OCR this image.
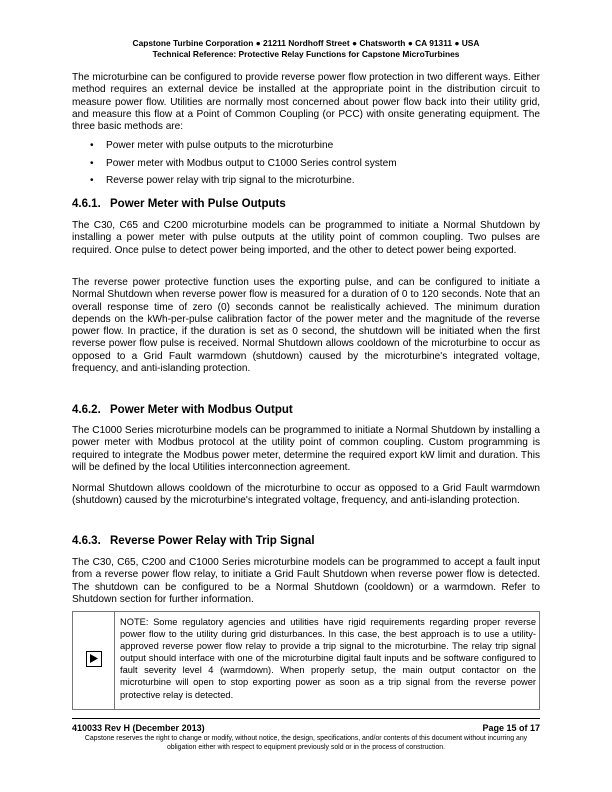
Capstone Turbine Corporation ● 21211 Nordhoff Street ● Chatsworth ● CA 91311 ● USA
Technical Reference: Protective Relay Functions for Capstone MicroTurbines
The microturbine can be configured to provide reverse power flow protection in two different ways. Either method requires an external device be installed at the appropriate point in the distribution circuit to measure power flow. Utilities are normally most concerned about power flow back into their utility grid, and measure this flow at a Point of Common Coupling (or PCC) with onsite generating equipment. The three basic methods are:
• Power meter with pulse outputs to the microturbine
• Power meter with Modbus output to C1000 Series control system
• Reverse power relay with trip signal to the microturbine.
4.6.1. Power Meter with Pulse Outputs
The C30, C65 and C200 microturbine models can be programmed to initiate a Normal Shutdown by installing a power meter with pulse outputs at the utility point of common coupling. Two pulses are required. Once pulse to detect power being imported, and the other to detect power being exported.
The reverse power protective function uses the exporting pulse, and can be configured to initiate a Normal Shutdown when reverse power flow is measured for a duration of 0 to 120 seconds. Note that an overall response time of zero (0) seconds cannot be realistically achieved. The minimum duration depends on the kWh-per-pulse calibration factor of the power meter and the magnitude of the reverse power flow. In practice, if the duration is set as 0 second, the shutdown will be initiated when the first reverse power flow pulse is received. Normal Shutdown allows cooldown of the microturbine to occur as opposed to a Grid Fault warmdown (shutdown) caused by the microturbine's integrated voltage, frequency, and anti-islanding protection.
4.6.2. Power Meter with Modbus Output
The C1000 Series microturbine models can be programmed to initiate a Normal Shutdown by installing a power meter with Modbus protocol at the utility point of common coupling. Custom programming is required to integrate the Modbus power meter, determine the required export kW limit and duration. This will be defined by the local Utilities interconnection agreement.
Normal Shutdown allows cooldown of the microturbine to occur as opposed to a Grid Fault warmdown (shutdown) caused by the microturbine's integrated voltage, frequency, and anti-islanding protection.
4.6.3. Reverse Power Relay with Trip Signal
The C30, C65, C200 and C1000 Series microturbine models can be programmed to accept a fault input from a reverse power flow relay, to initiate a Grid Fault Shutdown when reverse power flow is detected. The shutdown can be configured to be a Normal Shutdown (cooldown) or a warmdown. Refer to Shutdown section for further information.
NOTE: Some regulatory agencies and utilities have rigid requirements regarding proper reverse power flow to the utility during grid disturbances. In this case, the best approach is to use a utility-approved reverse power flow relay to provide a trip signal to the microturbine. The relay trip signal output should interface with one of the microturbine digital fault inputs and be software configured to fault severity level 4 (warmdown). When properly setup, the main output contactor on the microturbine will open to stop exporting power as soon as a trip signal from the reverse power protective relay is detected.
410033 Rev H (December 2013)	Page 15 of 17
Capstone reserves the right to change or modify, without notice, the design, specifications, and/or contents of this document without incurring any obligation either with respect to equipment previously sold or in the process of construction.
